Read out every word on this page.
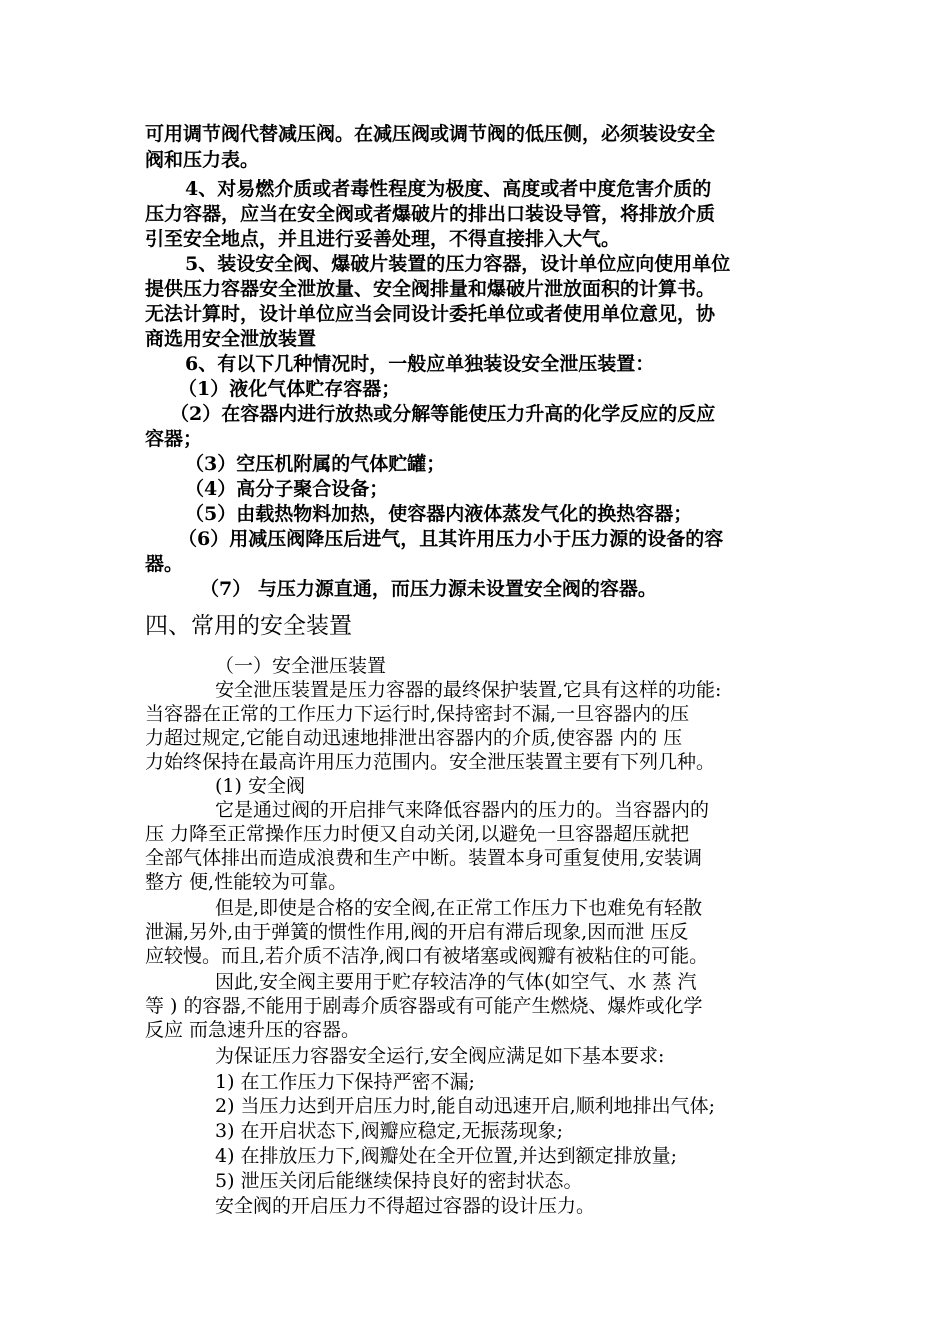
可用调节阀代替减压阀。在减压阀或调节阀的低压侧，必须装设安全
阀和压力表。
4、对易燃介质或者毒性程度为极度、高度或者中度危害介质的
压力容器，应当在安全阀或者爆破片的排出口装设导管，将排放介质
引至安全地点，并且进行妥善处理，不得直接排入大气。
5、装设安全阀、爆破片装置的压力容器，设计单位应向使用单位
提供压力容器安全泄放量、安全阀排量和爆破片泄放面积的计算书。
无法计算时，设计单位应当会同设计委托单位或者使用单位意见，协
商选用安全泄放装置
6、有以下几种情况时，一般应单独装设安全泄压装置：
（1）液化气体贮存容器；
（2）在容器内进行放热或分解等能使压力升高的化学反应的反应
容器；
（3）空压机附属的气体贮罐；
（4）高分子聚合设备；
（5）由载热物料加热，使容器内液体蒸发气化的换热容器；
（6）用减压阀降压后进气，且其许用压力小于压力源的设备的容
器。
（7） 与压力源直通，而压力源未设置安全阀的容器。
四、常用的安全装置
（一）安全泄压装置
安全泄压装置是压力容器的最终保护装置,它具有这样的功能:
当容器在正常的工作压力下运行时,保持密封不漏,一旦容器内的压
力超过规定,它能自动迅速地排泄出容器内的介质,使容器 内的 压
力始终保持在最高许用压力范围内。安全泄压装置主要有下列几种。
(1) 安全阀
它是通过阀的开启排气来降低容器内的压力的。当容器内的
压 力降至正常操作压力时便又自动关闭,以避免一旦容器超压就把
全部气体排出而造成浪费和生产中断。装置本身可重复使用,安装调
整方 便,性能较为可靠。
但是,即使是合格的安全阀,在正常工作压力下也难免有轻散
泄漏,另外,由于弹簧的惯性作用,阀的开启有滞后现象,因而泄 压反
应较慢。而且,若介质不洁净,阀口有被堵塞或阀瓣有被粘住的可能。
因此,安全阀主要用于贮存较洁净的气体(如空气、水 蒸 汽
等 ) 的容器,不能用于剧毒介质容器或有可能产生燃烧、爆炸或化学
反应 而急速升压的容器。
为保证压力容器安全运行,安全阀应满足如下基本要求:
1) 在工作压力下保持严密不漏;
2) 当压力达到开启压力时,能自动迅速开启,顺利地排出气体;
3) 在开启状态下,阀瓣应稳定,无振荡现象;
4) 在排放压力下,阀瓣处在全开位置,并达到额定排放量;
5) 泄压关闭后能继续保持良好的密封状态。
安全阀的开启压力不得超过容器的设计压力。
